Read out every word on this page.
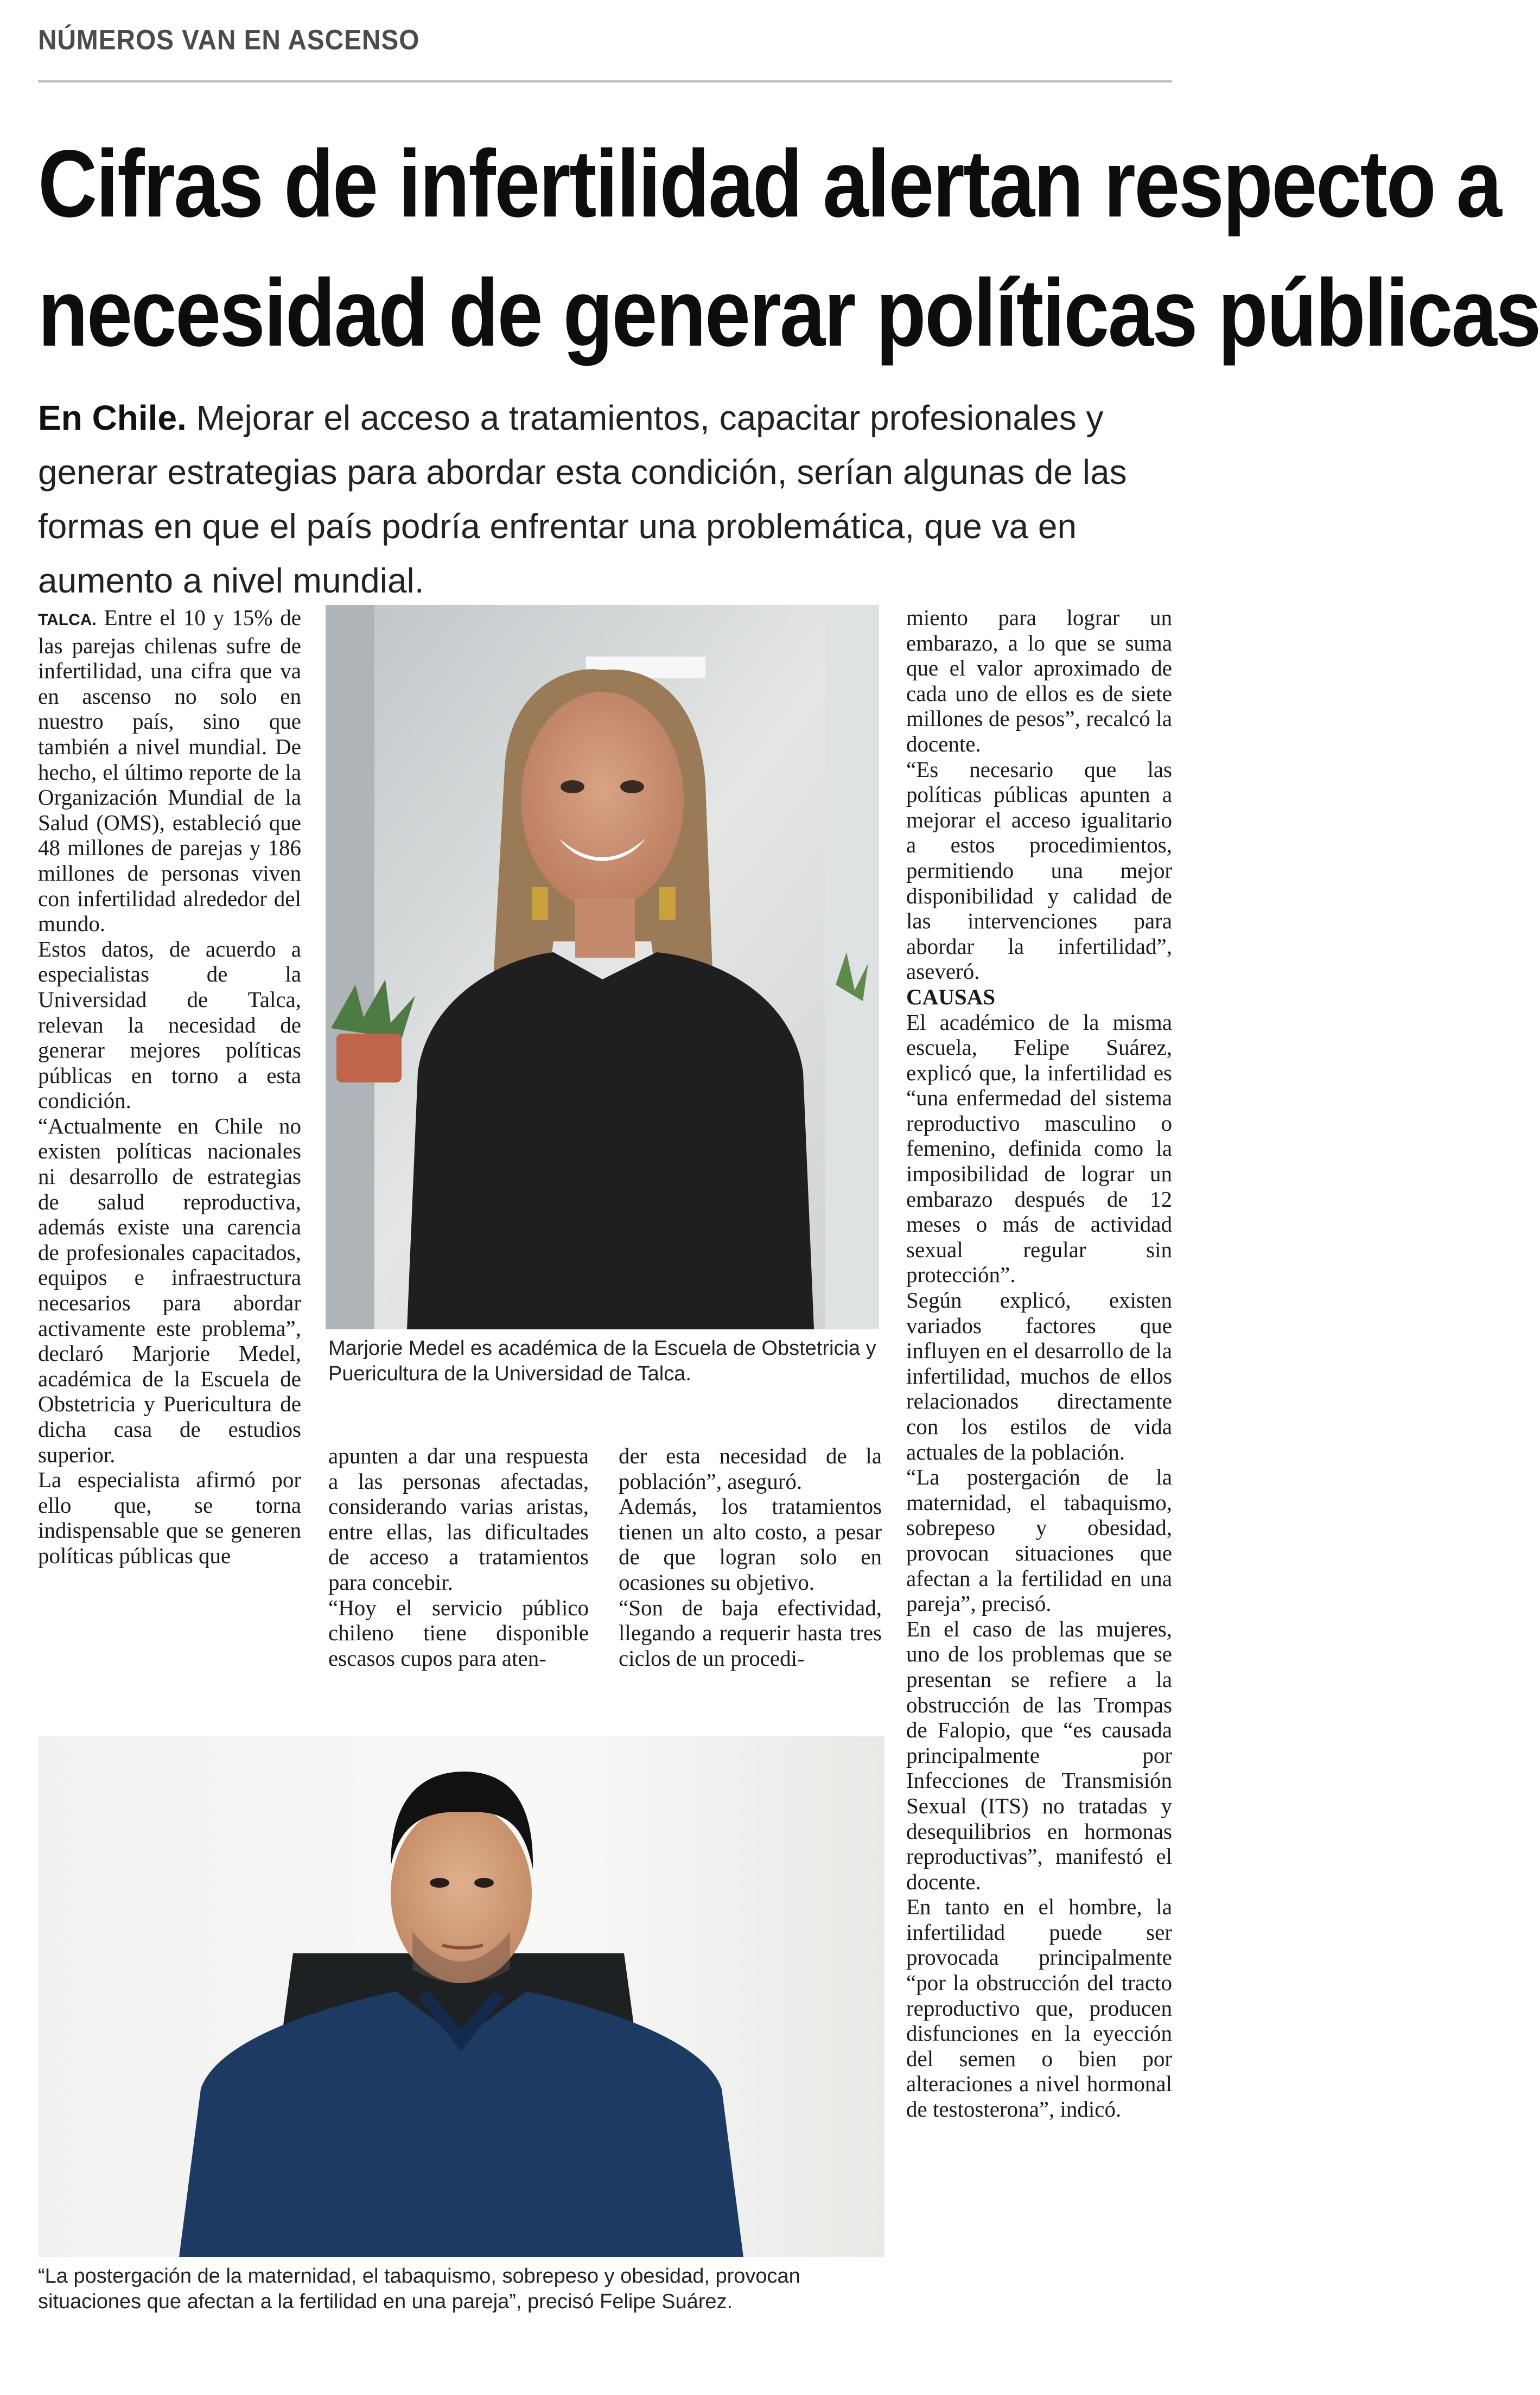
NÚMEROS VAN EN ASCENSO
Cifras de infertilidad alertan respecto a
necesidad de generar políticas públicas
En Chile. Mejorar el acceso a tratamientos, capacitar profesionales y generar estrategias para abordar esta condición, serían algunas de las formas en que el país podría enfrentar una problemática, que va en aumento a nivel mundial.

TALCA. Entre el 10 y 15% de las parejas chilenas sufre de infertilidad, una cifra que va en ascenso no solo en nuestro país, sino que también a nivel mundial. De hecho, el último reporte de la Organización Mundial de la Salud (OMS), estableció que 48 millones de parejas y 186 millones de personas viven con infertilidad alrededor del mundo.

Estos datos, de acuerdo a especialistas de la Universidad de Talca, relevan la necesidad de generar mejores políticas públicas en torno a esta condición.

“Actualmente en Chile no existen políticas nacionales ni desarrollo de estrategias de salud reproductiva, además existe una carencia de profesionales capacitados, equipos e infraestructura necesarios para abordar activamente este problema”, declaró Marjorie Medel, académica de la Escuela de Obstetricia y Puericultura de dicha casa de estudios superior.

La especialista afirmó por ello que, se torna indispensable que se generen políticas públicas que

Marjorie Medel es académica de la Escuela de Obstetricia y Puericultura de la Universidad de Talca.

apunten a dar una respuesta a las personas afectadas, considerando varias aristas, entre ellas, las dificultades de acceso a tratamientos para concebir.

“Hoy el servicio público chileno tiene disponible escasos cupos para aten-

der esta necesidad de la población”, aseguró.

Además, los tratamientos tienen un alto costo, a pesar de que logran solo en ocasiones su objetivo.

“Son de baja efectividad, llegando a requerir hasta tres ciclos de un procedi-

miento para lograr un embarazo, a lo que se suma que el valor aproximado de cada uno de ellos es de siete millones de pesos”, recalcó la docente.

“Es necesario que las políticas públicas apunten a mejorar el acceso igualitario a estos procedimientos, permitiendo una mejor disponibilidad y calidad de las intervenciones para abordar la infertilidad”, aseveró.

CAUSAS

El académico de la misma escuela, Felipe Suárez, explicó que, la infertilidad es “una enfermedad del sistema reproductivo masculino o femenino, definida como la imposibilidad de lograr un embarazo después de 12 meses o más de actividad sexual regular sin protección”.

Según explicó, existen variados factores que influyen en el desarrollo de la infertilidad, muchos de ellos relacionados directamente con los estilos de vida actuales de la población.

“La postergación de la maternidad, el tabaquismo, sobrepeso y obesidad, provocan situaciones que afectan a la fertilidad en una pareja”, precisó.

En el caso de las mujeres, uno de los problemas que se presentan se refiere a la obstrucción de las Trompas de Falopio, que “es causada principalmente por Infecciones de Transmisión Sexual (ITS) no tratadas y desequilibrios en hormonas reproductivas”, manifestó el docente.

En tanto en el hombre, la infertilidad puede ser provocada principalmente “por la obstrucción del tracto reproductivo que, producen disfunciones en la eyección del semen o bien por alteraciones a nivel hormonal de testosterona”, indicó.

“La postergación de la maternidad, el tabaquismo, sobrepeso y obesidad, provocan situaciones que afectan a la fertilidad en una pareja”, precisó Felipe Suárez.
